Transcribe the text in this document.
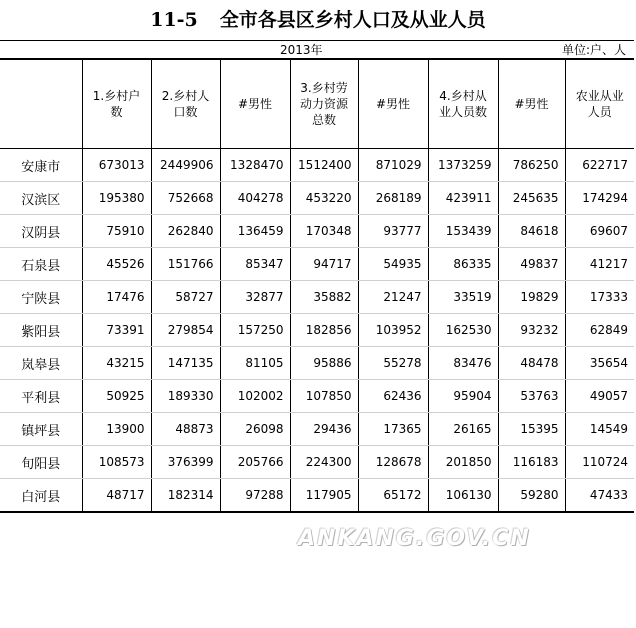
11-5 全市各县区乡村人口及从业人员
2013年	单位:户、人
	1.乡村户数	2.乡村人口数	#男性	3.乡村劳动力资源总数	#男性	4.乡村从业人员数	#男性	农业从业人员
安康市	673013	2449906	1328470	1512400	871029	1373259	786250	622717
汉滨区	195380	752668	404278	453220	268189	423911	245635	174294
汉阴县	75910	262840	136459	170348	93777	153439	84618	69607
石泉县	45526	151766	85347	94717	54935	86335	49837	41217
宁陕县	17476	58727	32877	35882	21247	33519	19829	17333
紫阳县	73391	279854	157250	182856	103952	162530	93232	62849
岚皋县	43215	147135	81105	95886	55278	83476	48478	35654
平利县	50925	189330	102002	107850	62436	95904	53763	49057
镇坪县	13900	48873	26098	29436	17365	26165	15395	14549
旬阳县	108573	376399	205766	224300	128678	201850	116183	110724
白河县	48717	182314	97288	117905	65172	106130	59280	47433
ANKANG.GOV.CN
